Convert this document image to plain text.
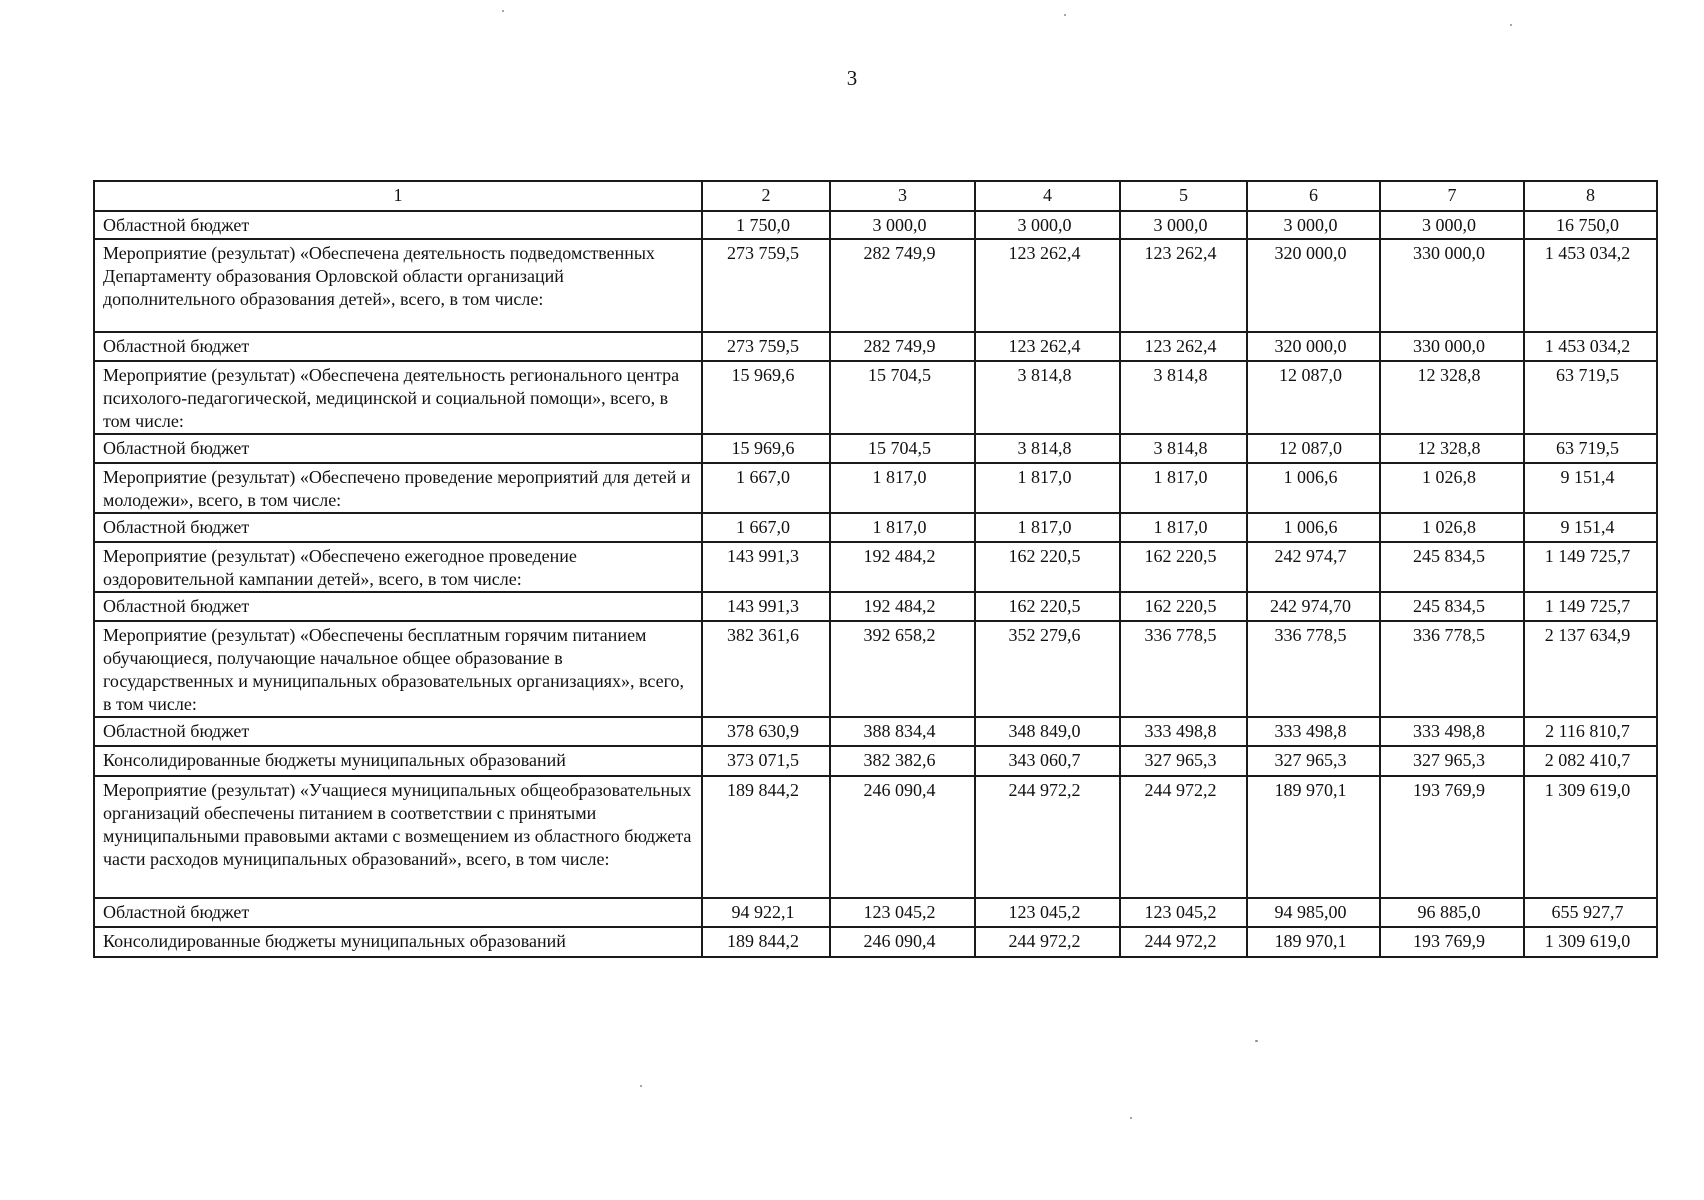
3
1	2	3	4	5	6	7	8
Областной бюджет	1 750,0	3 000,0	3 000,0	3 000,0	3 000,0	3 000,0	16 750,0
Мероприятие (результат) «Обеспечена деятельность подведомственных Департаменту образования Орловской области организаций дополнительного образования детей», всего, в том числе:	273 759,5	282 749,9	123 262,4	123 262,4	320 000,0	330 000,0	1 453 034,2
Областной бюджет	273 759,5	282 749,9	123 262,4	123 262,4	320 000,0	330 000,0	1 453 034,2
Мероприятие (результат) «Обеспечена деятельность регионального центра психолого-педагогической, медицинской и социальной помощи», всего, в том числе:	15 969,6	15 704,5	3 814,8	3 814,8	12 087,0	12 328,8	63 719,5
Областной бюджет	15 969,6	15 704,5	3 814,8	3 814,8	12 087,0	12 328,8	63 719,5
Мероприятие (результат) «Обеспечено проведение мероприятий для детей и молодежи», всего, в том числе:	1 667,0	1 817,0	1 817,0	1 817,0	1 006,6	1 026,8	9 151,4
Областной бюджет	1 667,0	1 817,0	1 817,0	1 817,0	1 006,6	1 026,8	9 151,4
Мероприятие (результат) «Обеспечено ежегодное проведение оздоровительной кампании детей», всего, в том числе:	143 991,3	192 484,2	162 220,5	162 220,5	242 974,7	245 834,5	1 149 725,7
Областной бюджет	143 991,3	192 484,2	162 220,5	162 220,5	242 974,70	245 834,5	1 149 725,7
Мероприятие (результат) «Обеспечены бесплатным горячим питанием обучающиеся, получающие начальное общее образование в государственных и муниципальных образовательных организациях», всего, в том числе:	382 361,6	392 658,2	352 279,6	336 778,5	336 778,5	336 778,5	2 137 634,9
Областной бюджет	378 630,9	388 834,4	348 849,0	333 498,8	333 498,8	333 498,8	2 116 810,7
Консолидированные бюджеты муниципальных образований	373 071,5	382 382,6	343 060,7	327 965,3	327 965,3	327 965,3	2 082 410,7
Мероприятие (результат) «Учащиеся муниципальных общеобразовательных организаций обеспечены питанием в соответствии с принятыми муниципальными правовыми актами с возмещением из областного бюджета части расходов муниципальных образований», всего, в том числе:	189 844,2	246 090,4	244 972,2	244 972,2	189 970,1	193 769,9	1 309 619,0
Областной бюджет	94 922,1	123 045,2	123 045,2	123 045,2	94 985,00	96 885,0	655 927,7
Консолидированные бюджеты муниципальных образований	189 844,2	246 090,4	244 972,2	244 972,2	189 970,1	193 769,9	1 309 619,0
